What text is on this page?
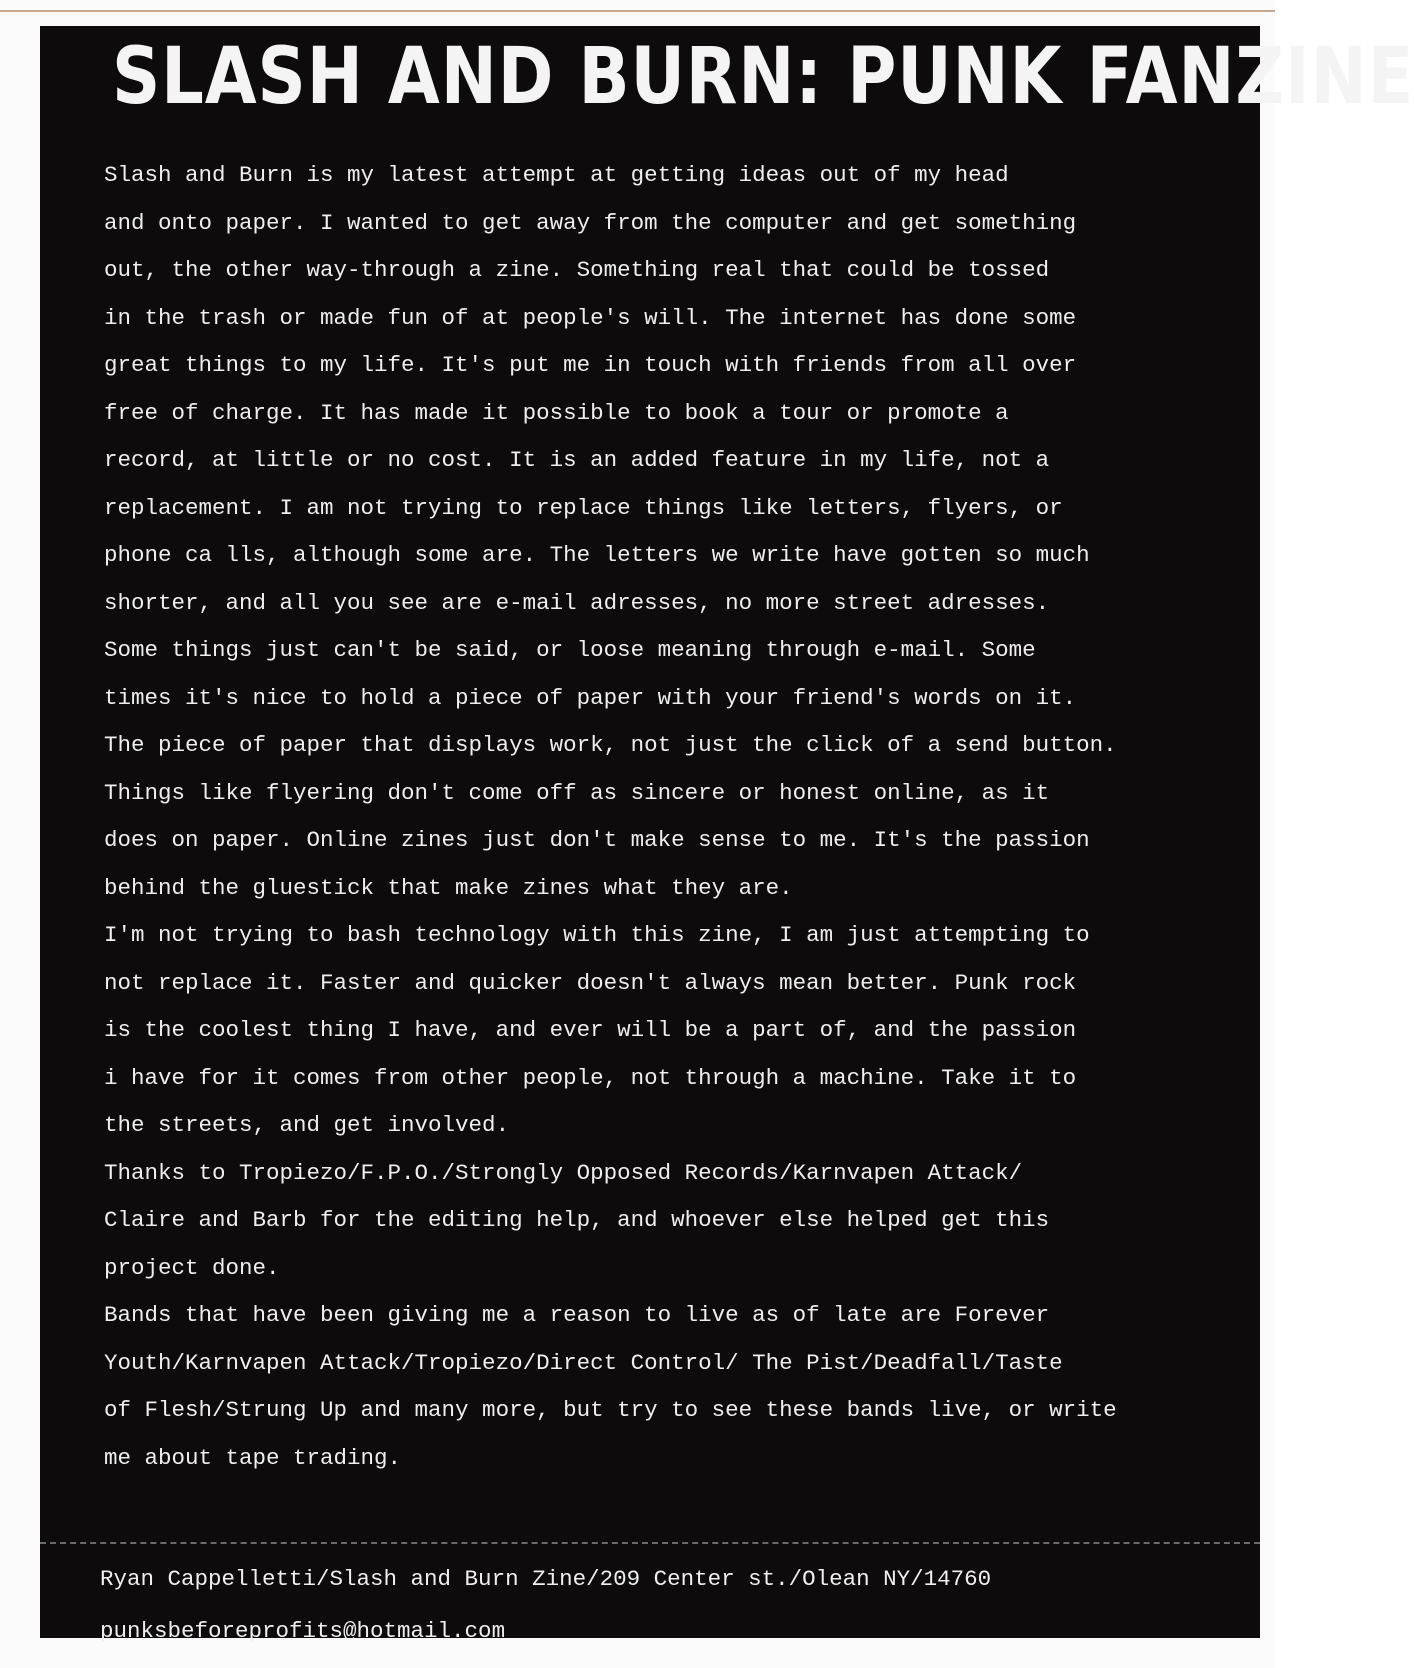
SLASH AND BURN: PUNK FANZINE
Slash and Burn is my latest attempt at getting ideas out of my head
and onto paper. I wanted to get away from the computer and get something
out, the other way-through a zine. Something real that could be tossed
in the trash or made fun of at people's will. The internet has done some
great things to my life. It's put me in touch with friends from all over
free of charge. It has made it possible to book a tour or promote a
record, at little or no cost. It is an added feature in my life, not a
replacement. I am not trying to replace things like letters, flyers, or
phone ca lls, although some are. The letters we write have gotten so much
shorter, and all you see are e-mail adresses, no more street adresses.
Some things just can't be said, or loose meaning through e-mail. Some
times it's nice to hold a piece of paper with your friend's words on it.
The piece of paper that displays work, not just the click of a send button.
Things like flyering don't come off as sincere or honest online, as it
does on paper. Online zines just don't make sense to me. It's the passion
behind the gluestick that make zines what they are.
I'm not trying to bash technology with this zine, I am just attempting to
not replace it. Faster and quicker doesn't always mean better. Punk rock
is the coolest thing I have, and ever will be a part of, and the passion
i have for it comes from other people, not through a machine. Take it to
the streets, and get involved.
Thanks to Tropiezo/F.P.O./Strongly Opposed Records/Karnvapen Attack/
Claire and Barb for the editing help, and whoever else helped get this
project done.
Bands that have been giving me a reason to live as of late are Forever
Youth/Karnvapen Attack/Tropiezo/Direct Control/ The Pist/Deadfall/Taste
of Flesh/Strung Up and many more, but try to see these bands live, or write
me about tape trading.
Ryan Cappelletti/Slash and Burn Zine/209 Center st./Olean NY/14760
punksbeforeprofits@hotmail.com
